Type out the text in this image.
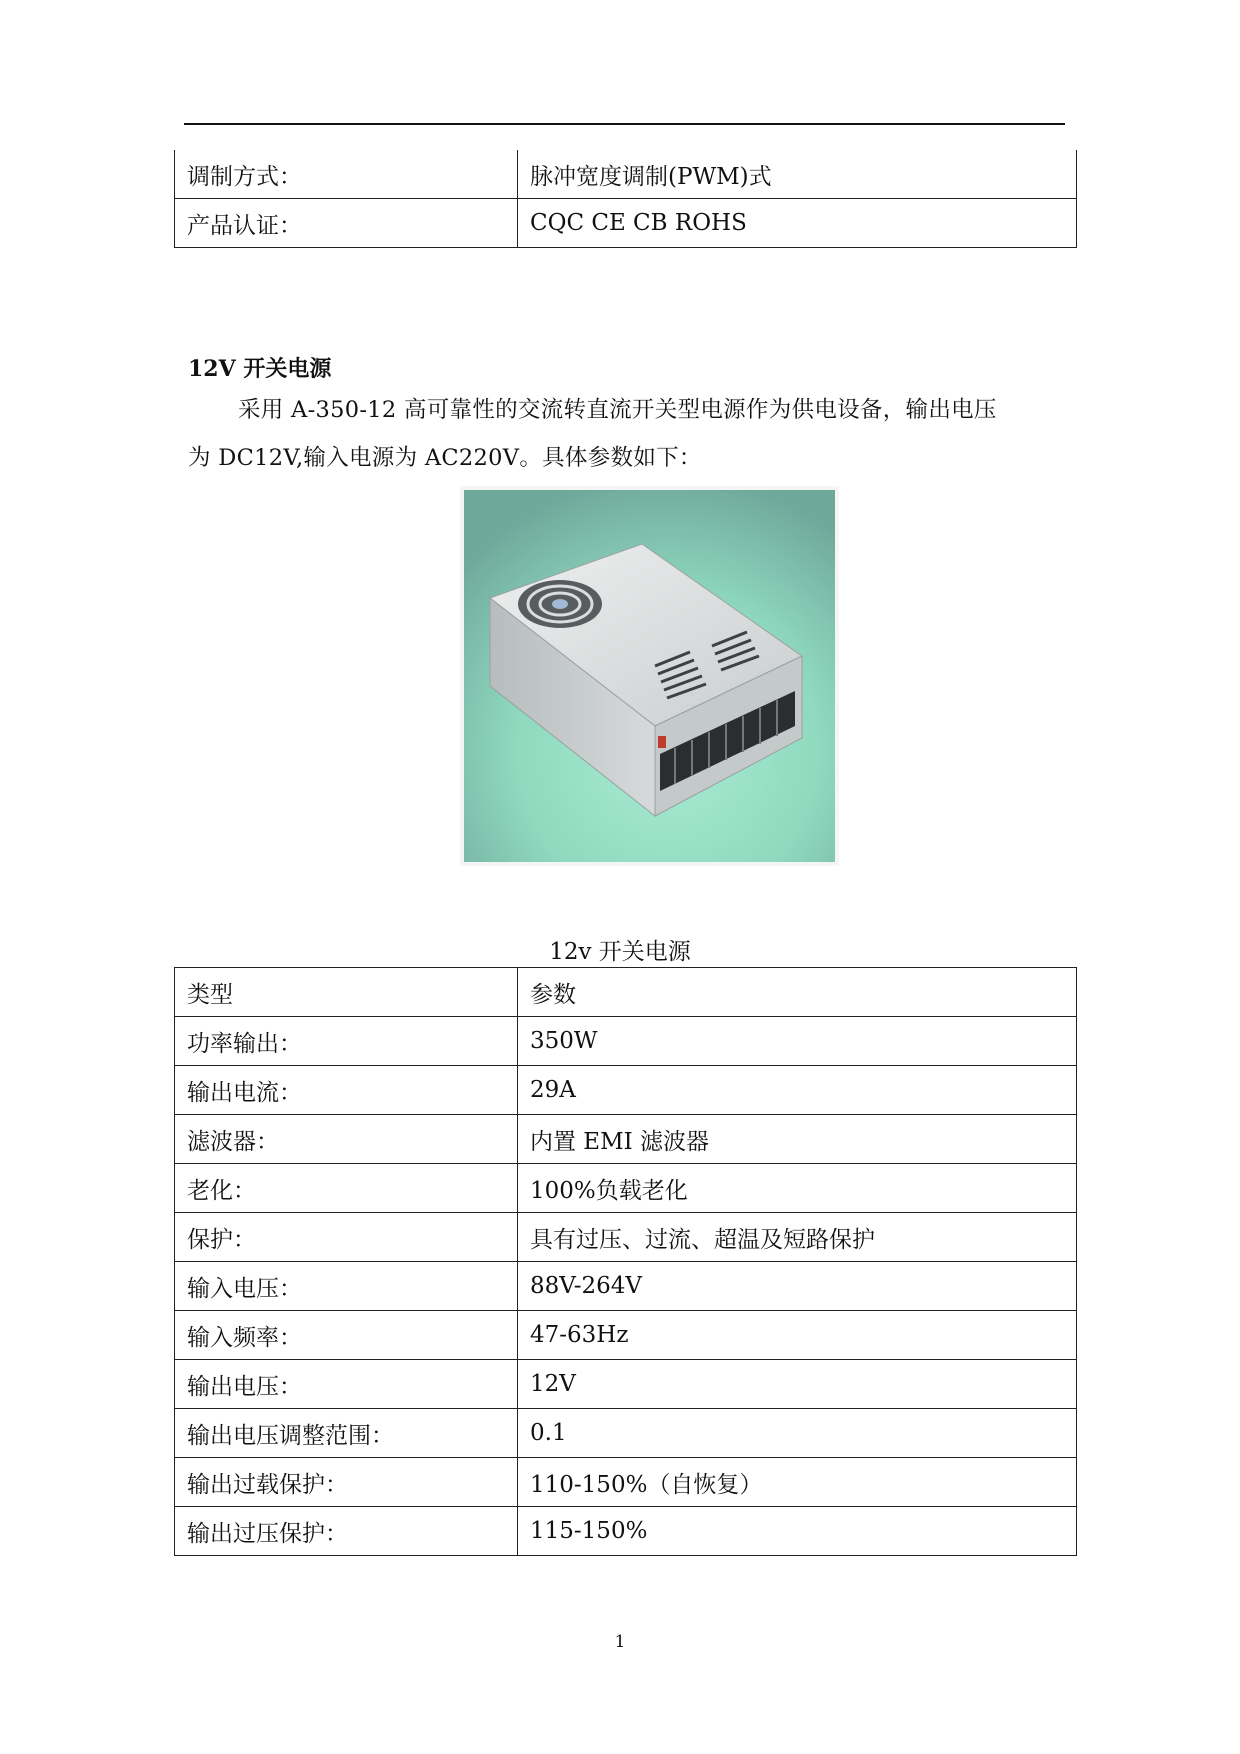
调制方式：	脉冲宽度调制(PWM)式
产品认证：	CQC CE CB ROHS
12V 开关电源

采用 A-350-12 高可靠性的交流转直流开关型电源作为供电设备，输出电压
为 DC12V,输入电源为 AC220V。具体参数如下：

12v 开关电源

类型	参数
功率输出：	350W
输出电流：	29A
滤波器：	内置 EMI 滤波器
老化：	100%负载老化
保护：	具有过压、过流、超温及短路保护
输入电压：	88V-264V
输入频率：	47-63Hz
输出电压：	12V
输出电压调整范围：	0.1
输出过载保护：	110-150%（自恢复）
输出过压保护：	115-150%
1
